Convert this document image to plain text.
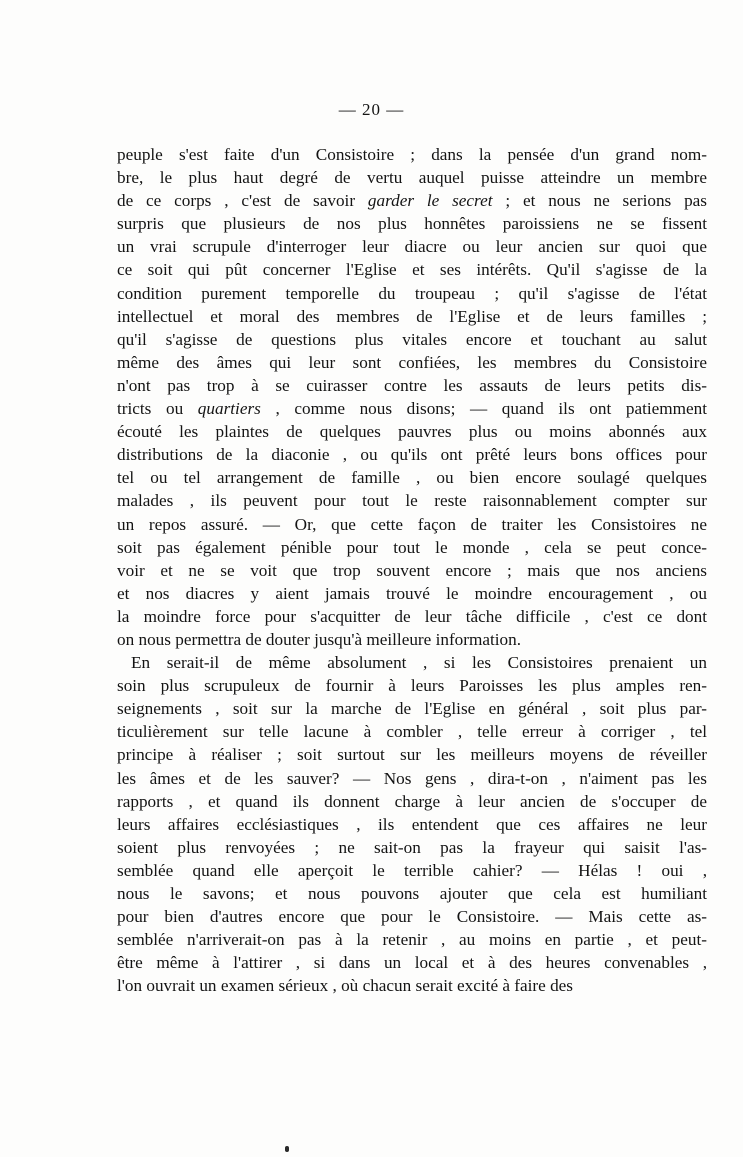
— 20 —
peuple s'est faite d'un Consistoire ; dans la pensée d'un grand nom-
bre, le plus haut degré de vertu auquel puisse atteindre un membre
de ce corps , c'est de savoir garder le secret ; et nous ne serions pas
surpris que plusieurs de nos plus honnêtes paroissiens ne se fissent
un vrai scrupule d'interroger leur diacre ou leur ancien sur quoi que
ce soit qui pût concerner l'Eglise et ses intérêts. Qu'il s'agisse de la
condition purement temporelle du troupeau ; qu'il s'agisse de l'état
intellectuel et moral des membres de l'Eglise et de leurs familles ;
qu'il s'agisse de questions plus vitales encore et touchant au salut
même des âmes qui leur sont confiées, les membres du Consistoire
n'ont pas trop à se cuirasser contre les assauts de leurs petits dis-
tricts ou quartiers , comme nous disons; — quand ils ont patiemment
écouté les plaintes de quelques pauvres plus ou moins abonnés aux
distributions de la diaconie , ou qu'ils ont prêté leurs bons offices pour
tel ou tel arrangement de famille , ou bien encore soulagé quelques
malades , ils peuvent pour tout le reste raisonnablement compter sur
un repos assuré. — Or, que cette façon de traiter les Consistoires ne
soit pas également pénible pour tout le monde , cela se peut conce-
voir et ne se voit que trop souvent encore ; mais que nos anciens
et nos diacres y aient jamais trouvé le moindre encouragement , ou
la moindre force pour s'acquitter de leur tâche difficile , c'est ce dont
on nous permettra de douter jusqu'à meilleure information.
En serait-il de même absolument , si les Consistoires prenaient un
soin plus scrupuleux de fournir à leurs Paroisses les plus amples ren-
seignements , soit sur la marche de l'Eglise en général , soit plus par-
ticulièrement sur telle lacune à combler , telle erreur à corriger , tel
principe à réaliser ; soit surtout sur les meilleurs moyens de réveiller
les âmes et de les sauver? — Nos gens , dira-t-on , n'aiment pas les
rapports , et quand ils donnent charge à leur ancien de s'occuper de
leurs affaires ecclésiastiques , ils entendent que ces affaires ne leur
soient plus renvoyées ; ne sait-on pas la frayeur qui saisit l'as-
semblée quand elle aperçoit le terrible cahier? — Hélas ! oui ,
nous le savons; et nous pouvons ajouter que cela est humiliant
pour bien d'autres encore que pour le Consistoire. — Mais cette as-
semblée n'arriverait-on pas à la retenir , au moins en partie , et peut-
être même à l'attirer , si dans un local et à des heures convenables ,
l'on ouvrait un examen sérieux , où chacun serait excité à faire des
